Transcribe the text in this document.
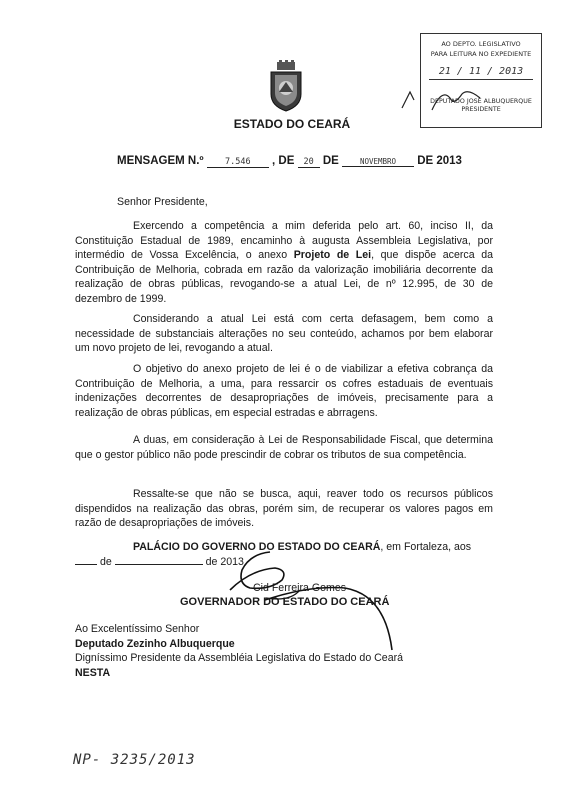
ESTADO DO CEARÁ
AO DEPTO. LEGISLATIVO
PARA LEITURA NO EXPEDIENTE
21 / 11 / 2013
DEPUTADO JOSÉ ALBUQUERQUE
PRESIDENTE
MENSAGEM N.º	7.546 , DE 20 DE	NOVEMBRO DE 2013
Senhor Presidente,
Exercendo a competência a mim deferida pelo art. 60, inciso II, da Constituição Estadual de 1989, encaminho à augusta Assembleia Legislativa, por intermédio de Vossa Excelência, o anexo Projeto de Lei, que dispõe acerca da Contribuição de Melhoria, cobrada em razão da valorização imobiliária decorrente da realização de obras públicas, revogando-se a atual Lei, de nº 12.995, de 30 de dezembro de 1999.
Considerando a atual Lei está com certa defasagem, bem como a necessidade de substanciais alterações no seu conteúdo, achamos por bem elaborar um novo projeto de lei, revogando a atual.
O objetivo do anexo projeto de lei é o de viabilizar a efetiva cobrança da Contribuição de Melhoria, a uma, para ressarcir os cofres estaduais de eventuais indenizações decorrentes de desapropriações de imóveis, precisamente para a realização de obras públicas, em especial estradas e abrragens.
A duas, em consideração à Lei de Responsabilidade Fiscal, que determina que o gestor público não pode prescindir de cobrar os tributos de sua competência.
Ressalte-se que não se busca, aqui, reaver todo os recursos públicos dispendidos na realização das obras, porém sim, de recuperar os valores pagos em razão de desapropriações de imóveis.
PALÁCIO DO GOVERNO DO ESTADO DO CEARÁ, em Fortaleza, aos
de	de 2013.
Cid Ferreira Gomes
GOVERNADOR DO ESTADO DO CEARÁ
Ao Excelentíssimo Senhor
Deputado Zezinho Albuquerque
Digníssimo Presidente da Assembléia Legislativa do Estado do Ceará
NESTA
NP- 3235/2013
